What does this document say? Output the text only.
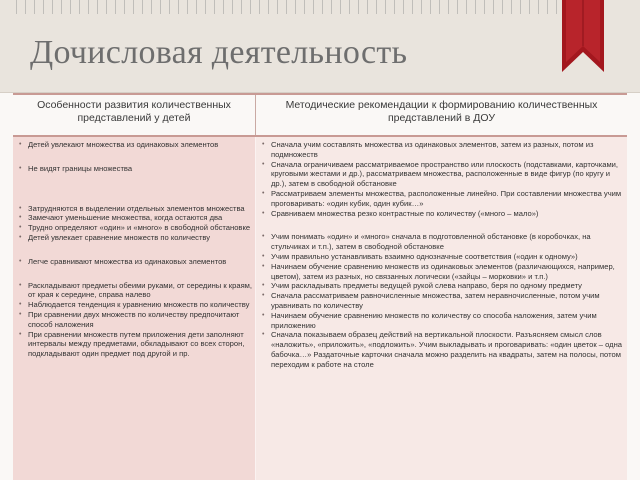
Дочисловая деятельность
Особенности развития количественных представлений у детей
Методические рекомендации к формированию количественных представлений в ДОУ
• Детей увлекают множества из одинаковых элементов
• Не видят границы множества
• Затрудняются в выделении отдельных элементов множества
• Замечают уменьшение множества, когда остаются два
• Трудно определяют «один» и «много» в свободной обстановке
• Детей увлекает сравнение множеств по количеству
• Легче сравнивают множества из одинаковых элементов
• Раскладывают предметы обеими руками, от середины к краям, от края к середине, справа налево
• Наблюдается тенденция к уравнению множеств по количеству
• При сравнении двух множеств по количеству предпочитают способ наложения
• При сравнении множеств путем приложения дети заполняют интервалы между предметами, обкладывают со всех сторон, подкладывают один предмет под другой и пр.
• Сначала учим составлять множества из одинаковых элементов, затем из разных, потом из подмножеств
• Сначала ограничиваем рассматриваемое пространство или плоскость (подставками, карточками, круговыми жестами и др.), рассматриваем множества, расположенные в виде фигур (по кругу и др.), затем в свободной обстановке
• Рассматриваем элементы множества, расположенные линейно. При составлении множества учим проговаривать: «один кубик, один кубик…»
• Сравниваем множества резко контрастные по количеству («много – мало»)
• Учим понимать «один» и «много» сначала в подготовленной обстановке (в коробочках, на стульчиках и т.п.), затем в свободной обстановке
• Учим правильно устанавливать взаимно однозначные соответствия («один к одному»)
• Начинаем обучение сравнению множеств из одинаковых элементов (различающихся, например, цветом), затем из разных, но связанных логически («зайцы – морковки» и т.п.)
• Учим раскладывать предметы ведущей рукой слева направо, беря по одному предмету
• Сначала рассматриваем равночисленные множества, затем неравночисленные, потом учим уравнивать по количеству
• Начинаем обучение сравнению множеств по количеству со способа наложения, затем учим приложению
• Сначала показываем образец действий на вертикальной плоскости. Разъясняем смысл слов «наложить», «приложить», «подложить». Учим выкладывать и проговаривать: «один цветок – одна бабочка…» Раздаточные карточки сначала можно разделить на квадраты, затем на полосы, потом переходим к работе на столе
